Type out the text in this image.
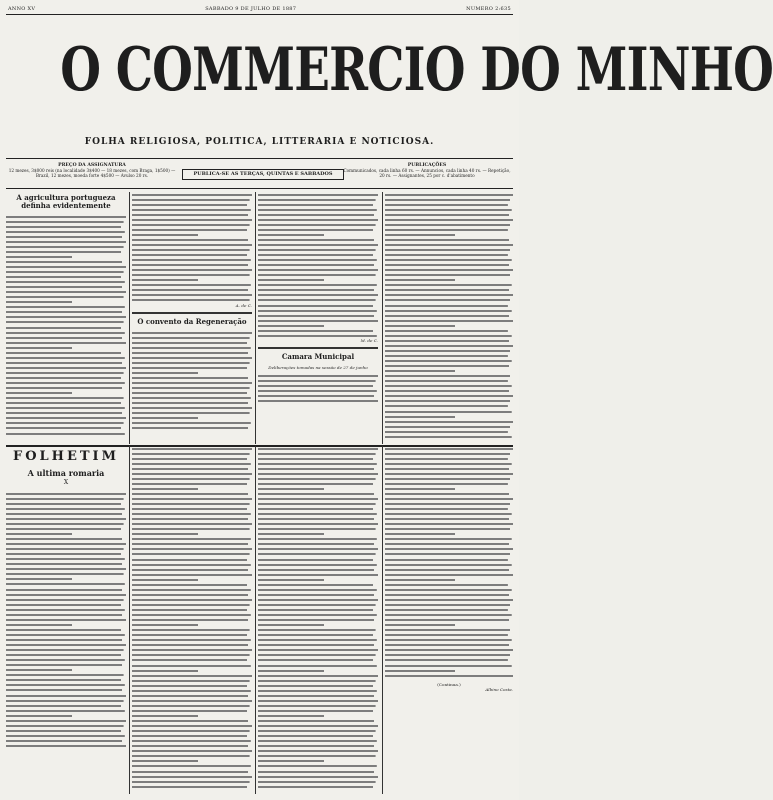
ANNO XV	SABBADO 9 DE JULHO DE 1887	NUMERO 2:635
O COMMERCIO DO MINHO
FOLHA RELIGIOSA, POLITICA, LITTERARIA E NOTICIOSA.
PREÇO DA ASSIGNATURA
12 mezes, 3$000 reis (na localidade 3$400 — 18 mezes, com Braga, 1$500) — Brazil, 12 mezes, moeda forte 4$500 — Avulso 20 rs.	PUBLICA-SE AS TERÇAS, QUINTAS E SABBADOS
PUBLICAÇÕES
Communicados, cada linha 60 rs. — Annuncios, cada linha 40 rs. — Repetição, 20 rs. — Assignantes, 25 por c. d'abatimento
A agricultura portugueza definha evidentemente
A. de C.
O convento da Regeneração
M. de C.
Camara Municipal
Deliberações tomadas na sessão de 27 de junho
FOLHETIM
A ultima romaria
X
(Continua.)
Albino Costa.
